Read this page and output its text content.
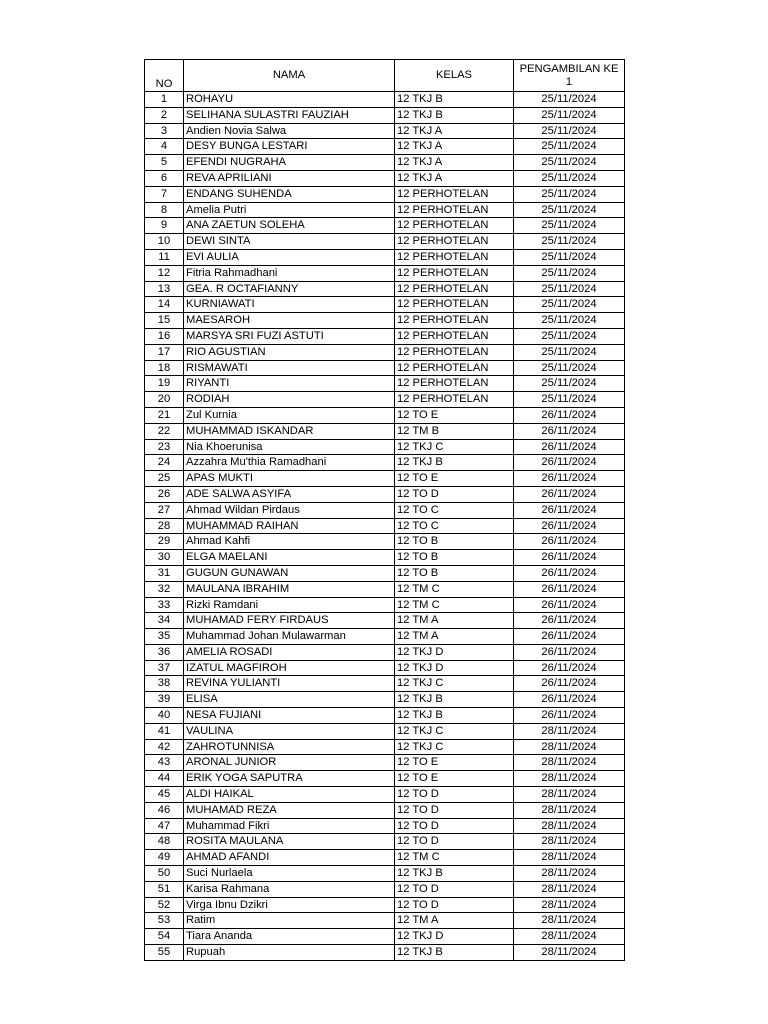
NO	NAMA	KELAS	PENGAMBILAN KE 1
1	ROHAYU	12 TKJ B	25/11/2024
2	SELIHANA SULASTRI FAUZIAH	12 TKJ B	25/11/2024
3	Andien Novia Salwa	12 TKJ A	25/11/2024
4	DESY BUNGA LESTARI	12 TKJ A	25/11/2024
5	EFENDI NUGRAHA	12 TKJ A	25/11/2024
6	REVA APRILIANI	12 TKJ A	25/11/2024
7	ENDANG SUHENDA	12 PERHOTELAN	25/11/2024
8	Amelia Putri	12 PERHOTELAN	25/11/2024
9	ANA ZAETUN SOLEHA	12 PERHOTELAN	25/11/2024
10	DEWI SINTA	12 PERHOTELAN	25/11/2024
11	EVI AULIA	12 PERHOTELAN	25/11/2024
12	Fitria Rahmadhani	12 PERHOTELAN	25/11/2024
13	GEA. R OCTAFIANNY	12 PERHOTELAN	25/11/2024
14	KURNIAWATI	12 PERHOTELAN	25/11/2024
15	MAESAROH	12 PERHOTELAN	25/11/2024
16	MARSYA SRI FUZI ASTUTI	12 PERHOTELAN	25/11/2024
17	RIO AGUSTIAN	12 PERHOTELAN	25/11/2024
18	RISMAWATI	12 PERHOTELAN	25/11/2024
19	RIYANTI	12 PERHOTELAN	25/11/2024
20	RODIAH	12 PERHOTELAN	25/11/2024
21	Zul Kurnia	12 TO E	26/11/2024
22	MUHAMMAD ISKANDAR	12 TM B	26/11/2024
23	Nia Khoerunisa	12 TKJ C	26/11/2024
24	Azzahra Mu'thia Ramadhani	12 TKJ B	26/11/2024
25	APAS MUKTI	12 TO E	26/11/2024
26	ADE SALWA ASYIFA	12 TO D	26/11/2024
27	Ahmad Wildan Pirdaus	12 TO C	26/11/2024
28	MUHAMMAD RAIHAN	12 TO C	26/11/2024
29	Ahmad Kahfi	12 TO B	26/11/2024
30	ELGA MAELANI	12 TO B	26/11/2024
31	GUGUN GUNAWAN	12 TO B	26/11/2024
32	MAULANA IBRAHIM	12 TM C	26/11/2024
33	Rizki Ramdani	12 TM C	26/11/2024
34	MUHAMAD FERY FIRDAUS	12 TM A	26/11/2024
35	Muhammad Johan Mulawarman	12 TM A	26/11/2024
36	AMELIA ROSADI	12 TKJ D	26/11/2024
37	IZATUL MAGFIROH	12 TKJ D	26/11/2024
38	REVINA YULIANTI	12 TKJ C	26/11/2024
39	ELISA	12 TKJ B	26/11/2024
40	NESA FUJIANI	12 TKJ B	26/11/2024
41	VAULINA	12 TKJ C	28/11/2024
42	ZAHROTUNNISA	12 TKJ C	28/11/2024
43	ARONAL JUNIOR	12 TO E	28/11/2024
44	ERIK YOGA SAPUTRA	12 TO E	28/11/2024
45	ALDI HAIKAL	12 TO D	28/11/2024
46	MUHAMAD REZA	12 TO D	28/11/2024
47	Muhammad Fikri	12 TO D	28/11/2024
48	ROSITA MAULANA	12 TO D	28/11/2024
49	AHMAD AFANDI	12 TM C	28/11/2024
50	Suci Nurlaela	12 TKJ B	28/11/2024
51	Karisa Rahmana	12 TO D	28/11/2024
52	Virga Ibnu Dzikri	12 TO D	28/11/2024
53	Ratim	12 TM A	28/11/2024
54	Tiara Ananda	12 TKJ D	28/11/2024
55	Rupuah	12 TKJ B	28/11/2024
